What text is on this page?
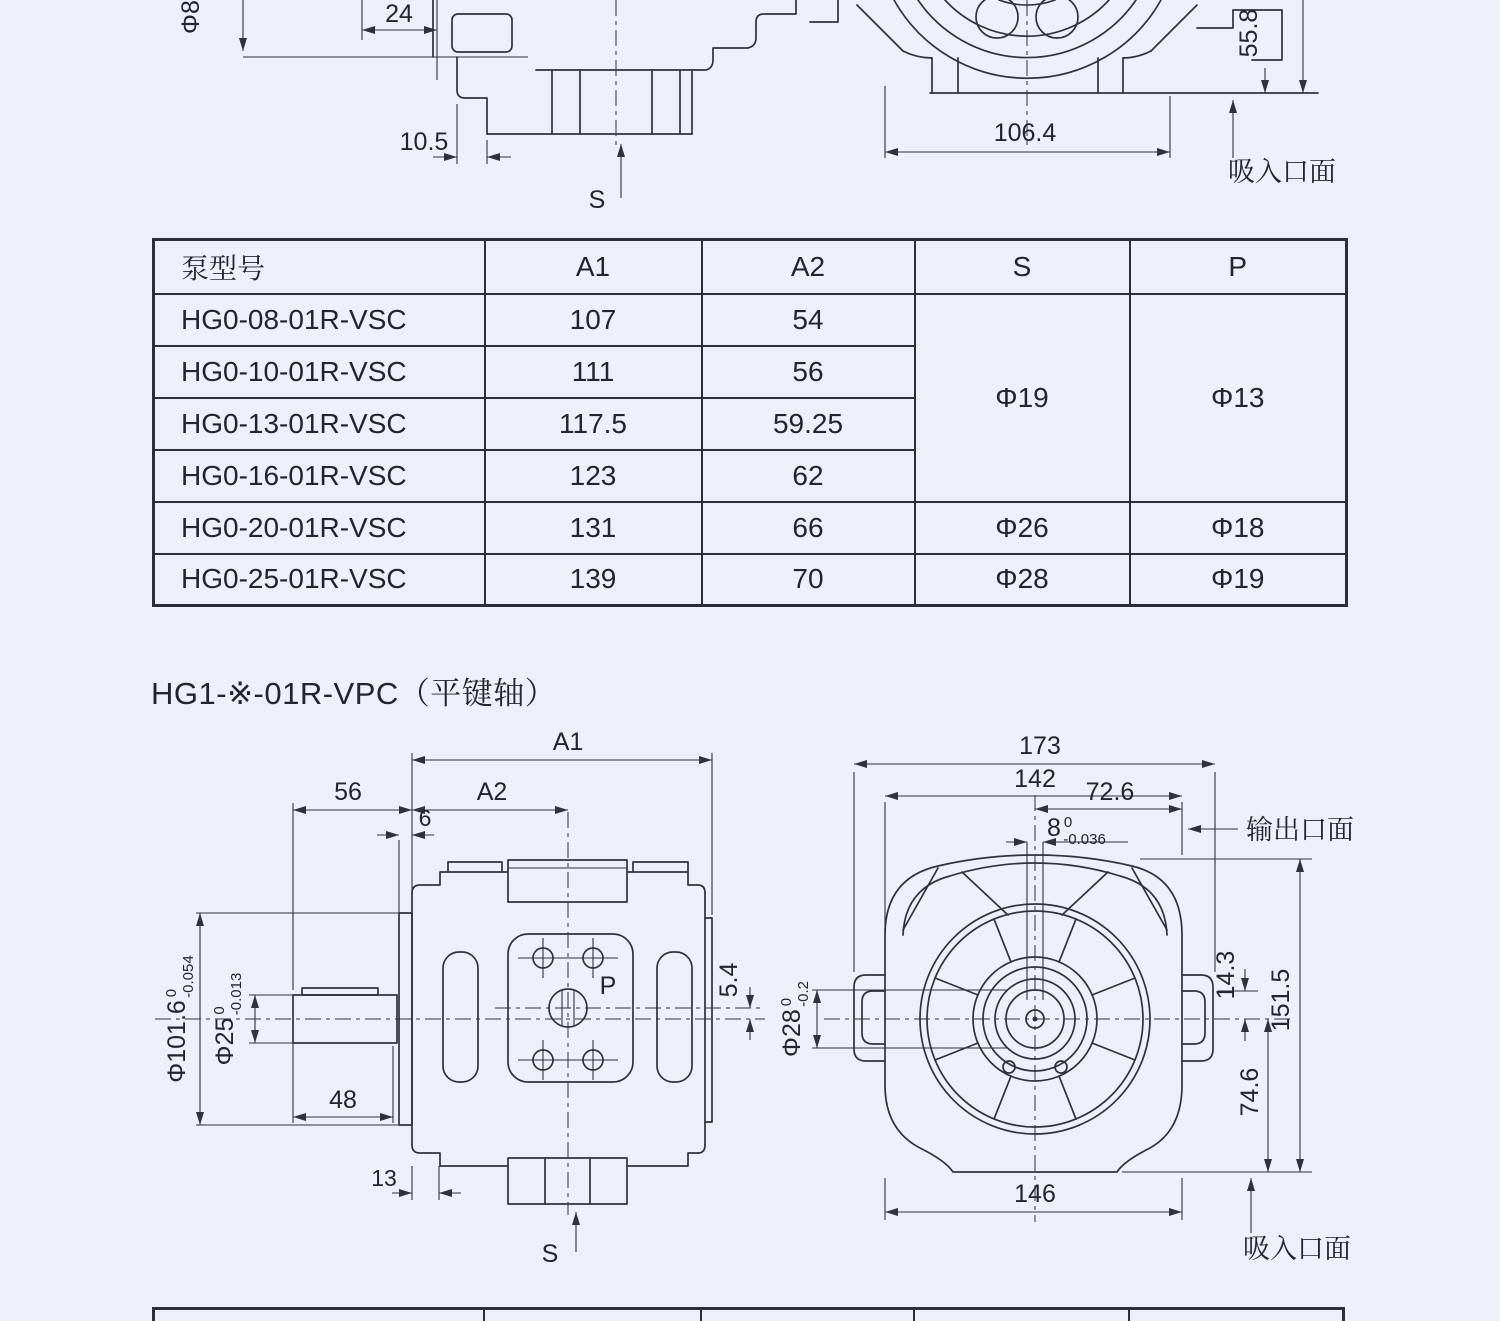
Φ8	24
10.5
S
106.4
55.8
吸入口面
泵型号	A1	A2	S	P
HG0-08-01R-VSC	107	54	Φ19	Φ13
HG0-10-01R-VSC	111	56		
HG0-13-01R-VSC	117.5	59.25		
HG0-16-01R-VSC	123	62		
HG0-20-01R-VSC	131	66	Φ26	Φ18
HG0-25-01R-VSC	139	70	Φ28	Φ19
HG1-※-01R-VPC（平键轴）
A1
56	A2
6
P
Φ101.6$^0$-0.054
$\Phi 25^0-0.013$
48
13
5.4
S
173
142 72.6
8 $^0$ -0.036	输出口面
$\Phi 28^0-0.2$	14.3
74.6
151.5
146
吸入口面
